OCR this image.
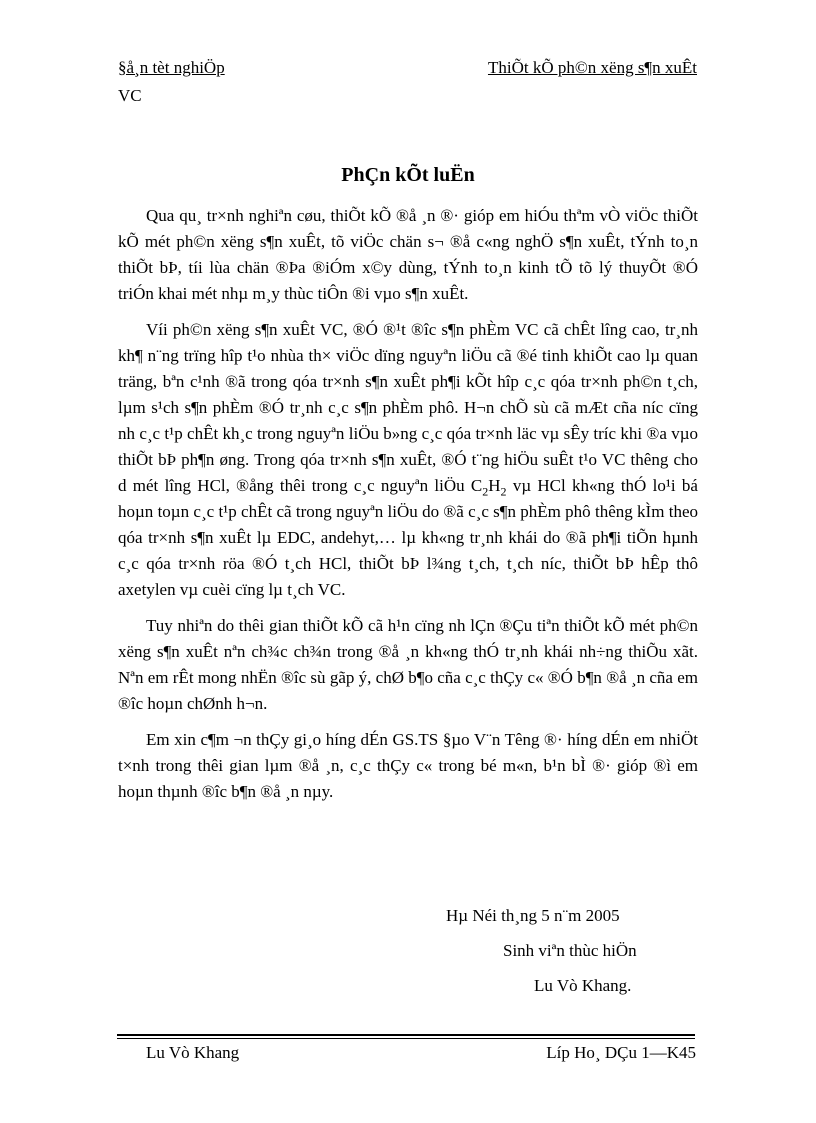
§å¸n tèt nghiÖp	ThiÕt kÕ ph©n xëng s¶n xuÊt
VC
PhÇn kÕt luËn

Qua qu¸ tr×nh nghiªn cøu, thiÕt kÕ ®å ¸n ®· gióp em hiÓu thªm vÒ viÖc thiÕt kÕ mét ph©n xëng s¶n xuÊt, tõ viÖc chän s¬ ®å c«ng nghÖ s¶n xuÊt, tÝnh to¸n thiÕt bÞ, tíi lùa chän ®Þa ®iÓm x©y dùng, tÝnh to¸n kinh tÕ tõ lý thuyÕt ®Ó triÓn khai mét nhµ m¸y thùc tiÔn ®i vµo s¶n xuÊt.

Víi ph©n xëng s¶n xuÊt VC, ®Ó ®¹t ®îc s¶n phÈm VC cã chÊt lîng cao, tr¸nh kh¶ n¨ng trïng hîp t¹o nhùa th× viÖc dïng nguyªn liÖu cã ®é tinh khiÕt cao lµ quan träng, bªn c¹nh ®ã trong qóa tr×nh s¶n xuÊt ph¶i kÕt hîp c¸c qóa tr×nh ph©n t¸ch, lµm s¹ch s¶n phÈm ®Ó tr¸nh c¸c s¶n phÈm phô. H¬n chÕ sù cã mÆt cña níc cïng nh c¸c t¹p chÊt kh¸c trong nguyªn liÖu b»ng c¸c qóa tr×nh läc vµ sÊy tríc khi ®a vµo thiÕt bÞ ph¶n øng. Trong qóa tr×nh s¶n xuÊt, ®Ó t¨ng hiÖu suÊt t¹o VC thêng cho d mét lîng HCl, ®ång thêi trong c¸c nguyªn liÖu $C_2H_2$ vµ HCl kh«ng thÓ lo¹i bá hoµn toµn c¸c t¹p chÊt cã trong nguyªn liÖu do ®ã c¸c s¶n phÈm phô thêng kÌm theo qóa tr×nh s¶n xuÊt lµ EDC, andehyt,… lµ kh«ng tr¸nh khái do ®ã ph¶i tiÕn hµnh c¸c qóa tr×nh röa ®Ó t¸ch HCl, thiÕt bÞ l¾ng t¸ch, t¸ch níc, thiÕt bÞ hÊp thô axetylen vµ cuèi cïng lµ t¸ch VC.

Tuy nhiªn do thêi gian thiÕt kÕ cã h¹n cïng nh lÇn ®Çu tiªn thiÕt kÕ mét ph©n xëng s¶n xuÊt nªn ch¾c ch¾n trong ®å ¸n kh«ng thÓ tr¸nh khái nh÷ng thiÕu xãt. Nªn em rÊt mong nhËn ®îc sù gãp ý, chØ b¶o cña c¸c thÇy c« ®Ó b¶n ®å ¸n cña em ®îc hoµn chØnh h¬n.

Em xin c¶m ¬n thÇy gi¸o híng dÉn GS.TS §µo V¨n Têng ®· híng dÉn em nhiÖt t×nh trong thêi gian lµm ®å ¸n, c¸c thÇy c« trong bé m«n, b¹n bÌ ®· gióp ®ì em hoµn thµnh ®îc b¶n ®å ¸n nµy.

Hµ Néi th¸ng 5 n¨m 2005
Sinh viªn thùc hiÖn
Lu Vò Khang.
Lu Vò Khang	Líp Ho¸ DÇu 1—K45
